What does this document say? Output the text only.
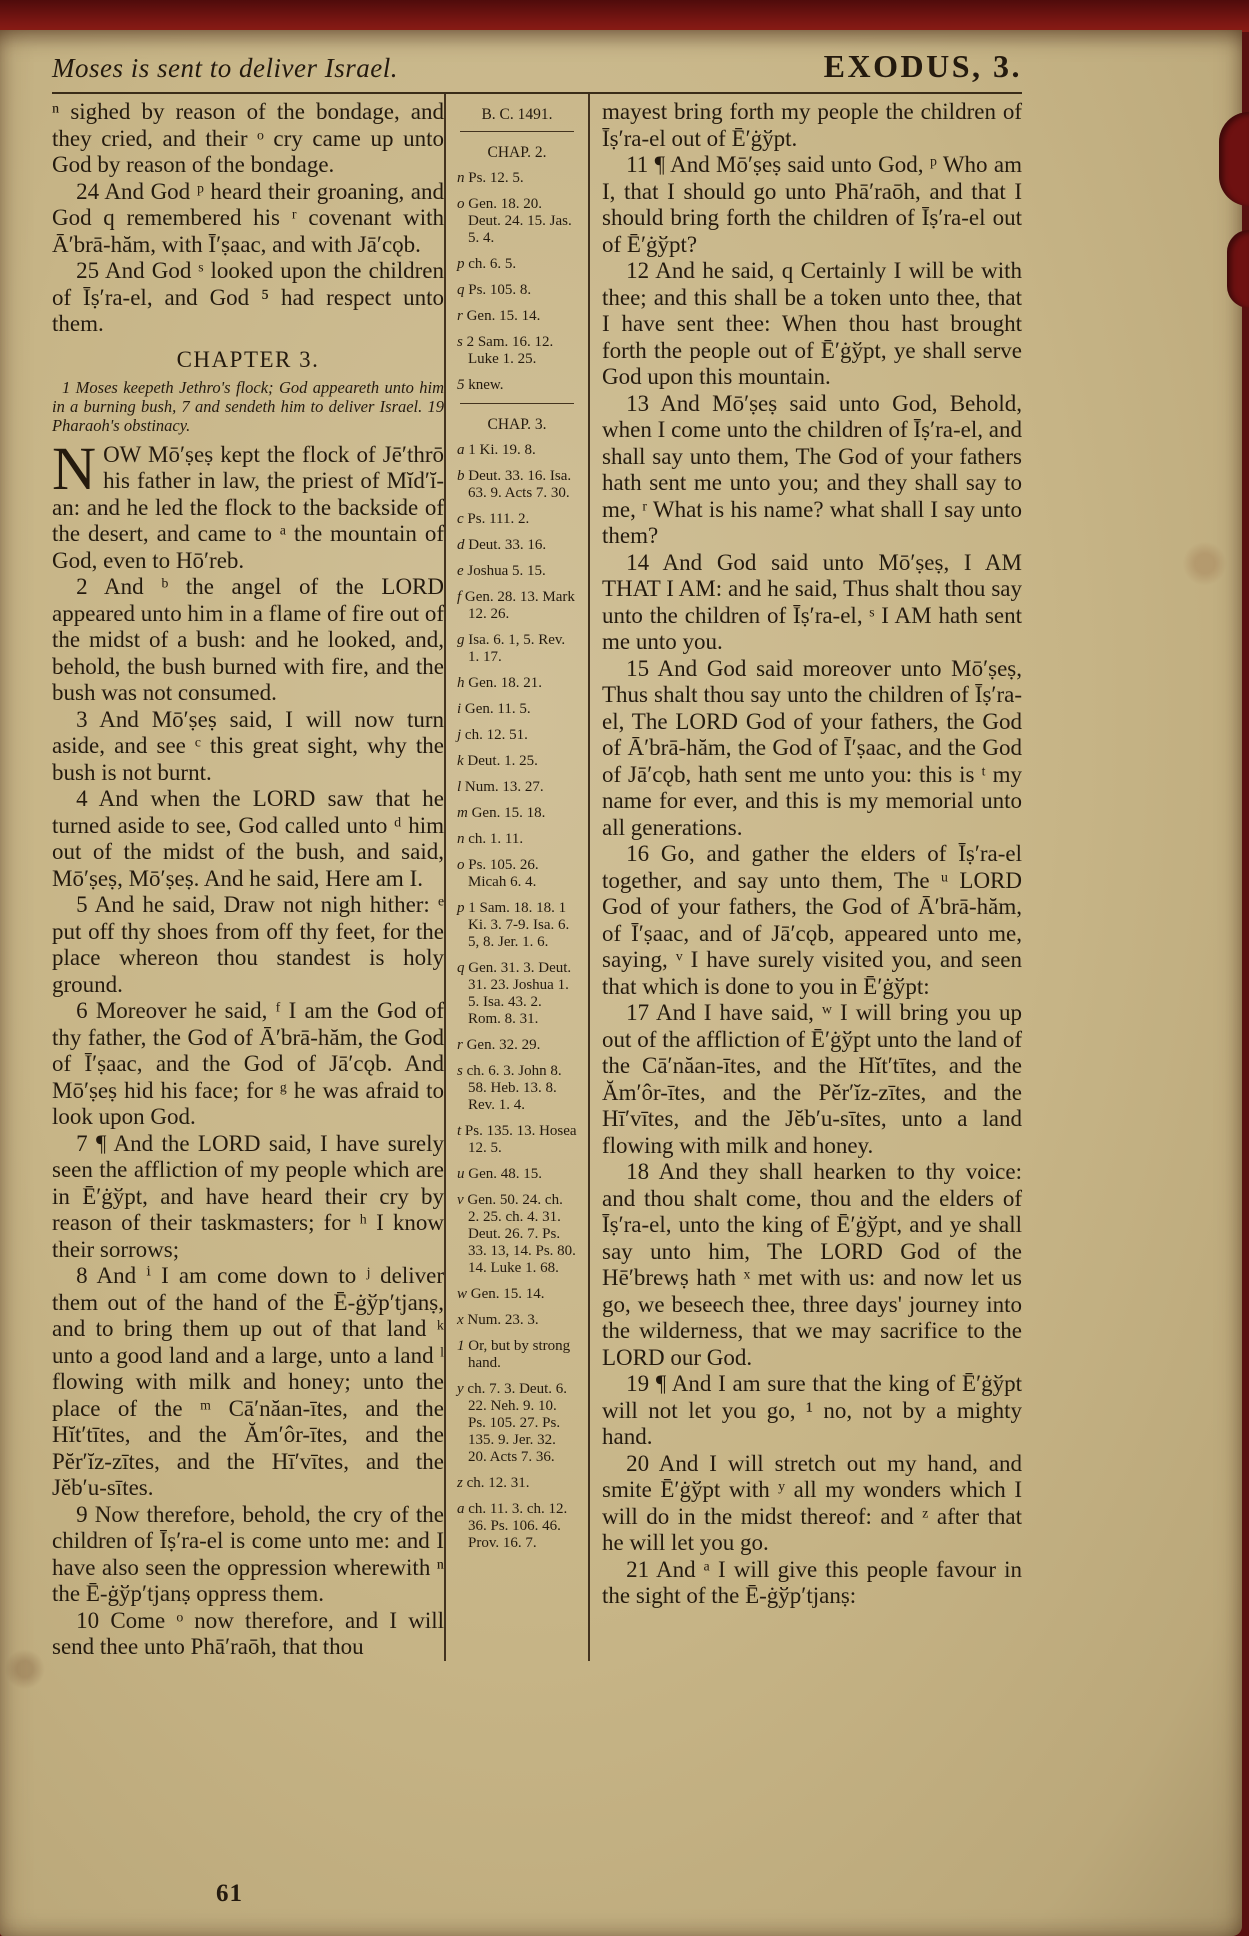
Moses is sent to deliver Israel.	EXODUS, 3.

ⁿ sighed by reason of the bondage, and they cried, and their ᵒ cry came up unto God by reason of the bondage.

24 And God ᵖ heard their groaning, and God q remembered his ʳ covenant with Ā′brā-hăm, with Ī′ṣaac, and with Jā′cǫb.

25 And God ˢ looked upon the children of Īṣ′ra-el, and God ⁵ had respect unto them.

CHAPTER 3.

1 Moses keepeth Jethro's flock; God appeareth unto him in a burning bush, 7 and sendeth him to deliver Israel. 19 Pharaoh's obstinacy.

NOW Mō′ṣeṣ kept the flock of Jē′thrō his father in law, the priest of Mĭd′ĭ-an: and he led the flock to the backside of the desert, and came to ᵃ the mountain of God, even to Hō′reb.

2 And ᵇ the angel of the LORD appeared unto him in a flame of fire out of the midst of a bush: and he looked, and, behold, the bush burned with fire, and the bush was not consumed.

3 And Mō′ṣeṣ said, I will now turn aside, and see ᶜ this great sight, why the bush is not burnt.

4 And when the LORD saw that he turned aside to see, God called unto ᵈ him out of the midst of the bush, and said, Mō′ṣeṣ, Mō′ṣeṣ. And he said, Here am I.

5 And he said, Draw not nigh hither: ᵉ put off thy shoes from off thy feet, for the place whereon thou standest is holy ground.

6 Moreover he said, ᶠ I am the God of thy father, the God of Ā′brā-hăm, the God of Ī′ṣaac, and the God of Jā′cǫb. And Mō′ṣeṣ hid his face; for ᵍ he was afraid to look upon God.

7 ¶ And the LORD said, I have surely seen the affliction of my people which are in Ē′ġўpt, and have heard their cry by reason of their taskmasters; for ʰ I know their sorrows;

8 And ⁱ I am come down to ʲ deliver them out of the hand of the Ē-ġўp′tjanṣ, and to bring them up out of that land ᵏ unto a good land and a large, unto a land ˡ flowing with milk and honey; unto the place of the ᵐ Cā′năan-ītes, and the Hĭt′tītes, and the Ăm′ôr-ītes, and the Pĕr′ĭz-zītes, and the Hī′vītes, and the Jĕb′u-sītes.

9 Now therefore, behold, the cry of the children of Īṣ′ra-el is come unto me: and I have also seen the oppression wherewith ⁿ the Ē-ġўp′tjanṣ oppress them.

10 Come ᵒ now therefore, and I will send thee unto Phā′raōh, that thou

B. C. 1491.
CHAP. 2.
n Ps. 12. 5.
o Gen. 18. 20. Deut. 24. 15. Jas. 5. 4.
p ch. 6. 5.
q Ps. 105. 8.
r Gen. 15. 14.
s 2 Sam. 16. 12. Luke 1. 25.
5 knew.
CHAP. 3.
a 1 Ki. 19. 8.
b Deut. 33. 16. Isa. 63. 9. Acts 7. 30.
c Ps. 111. 2.
d Deut. 33. 16.
e Joshua 5. 15.
f Gen. 28. 13. Mark 12. 26.
g Isa. 6. 1, 5. Rev. 1. 17.
h Gen. 18. 21.
i Gen. 11. 5.
j ch. 12. 51.
k Deut. 1. 25.
l Num. 13. 27.
m Gen. 15. 18.
n ch. 1. 11.
o Ps. 105. 26. Micah 6. 4.
p 1 Sam. 18. 18. 1 Ki. 3. 7-9. Isa. 6. 5, 8. Jer. 1. 6.
q Gen. 31. 3. Deut. 31. 23. Joshua 1. 5. Isa. 43. 2. Rom. 8. 31.
r Gen. 32. 29.
s ch. 6. 3. John 8. 58. Heb. 13. 8. Rev. 1. 4.
t Ps. 135. 13. Hosea 12. 5.
u Gen. 48. 15.
v Gen. 50. 24. ch. 2. 25. ch. 4. 31. Deut. 26. 7. Ps. 33. 13, 14. Ps. 80. 14. Luke 1. 68.
w Gen. 15. 14.
x Num. 23. 3.
1 Or, but by strong hand.
y ch. 7. 3. Deut. 6. 22. Neh. 9. 10. Ps. 105. 27. Ps. 135. 9. Jer. 32. 20. Acts 7. 36.
z ch. 12. 31.
a ch. 11. 3. ch. 12. 36. Ps. 106. 46. Prov. 16. 7.

mayest bring forth my people the children of Īṣ′ra-el out of Ē′ġўpt.

11 ¶ And Mō′ṣeṣ said unto God, ᵖ Who am I, that I should go unto Phā′raōh, and that I should bring forth the children of Īṣ′ra-el out of Ē′ġўpt?

12 And he said, q Certainly I will be with thee; and this shall be a token unto thee, that I have sent thee: When thou hast brought forth the people out of Ē′ġўpt, ye shall serve God upon this mountain.

13 And Mō′ṣeṣ said unto God, Behold, when I come unto the children of Īṣ′ra-el, and shall say unto them, The God of your fathers hath sent me unto you; and they shall say to me, ʳ What is his name? what shall I say unto them?

14 And God said unto Mō′ṣeṣ, I AM THAT I AM: and he said, Thus shalt thou say unto the children of Īṣ′ra-el, ˢ I AM hath sent me unto you.

15 And God said moreover unto Mō′ṣeṣ, Thus shalt thou say unto the children of Īṣ′ra-el, The LORD God of your fathers, the God of Ā′brā-hăm, the God of Ī′ṣaac, and the God of Jā′cǫb, hath sent me unto you: this is ᵗ my name for ever, and this is my memorial unto all generations.

16 Go, and gather the elders of Īṣ′ra-el together, and say unto them, The ᵘ LORD God of your fathers, the God of Ā′brā-hăm, of Ī′ṣaac, and of Jā′cǫb, appeared unto me, saying, ᵛ I have surely visited you, and seen that which is done to you in Ē′ġўpt:

17 And I have said, ʷ I will bring you up out of the affliction of Ē′ġўpt unto the land of the Cā′năan-ītes, and the Hĭt′tītes, and the Ăm′ôr-ītes, and the Pĕr′ĭz-zītes, and the Hī′vītes, and the Jĕb′u-sītes, unto a land flowing with milk and honey.

18 And they shall hearken to thy voice: and thou shalt come, thou and the elders of Īṣ′ra-el, unto the king of Ē′ġўpt, and ye shall say unto him, The LORD God of the Hē′brewṣ hath ˣ met with us: and now let us go, we beseech thee, three days' journey into the wilderness, that we may sacrifice to the LORD our God.

19 ¶ And I am sure that the king of Ē′ġўpt will not let you go, ¹ no, not by a mighty hand.

20 And I will stretch out my hand, and smite Ē′ġўpt with ʸ all my wonders which I will do in the midst thereof: and ᶻ after that he will let you go.

21 And ᵃ I will give this people favour in the sight of the Ē-ġўp′tjanṣ:

61
